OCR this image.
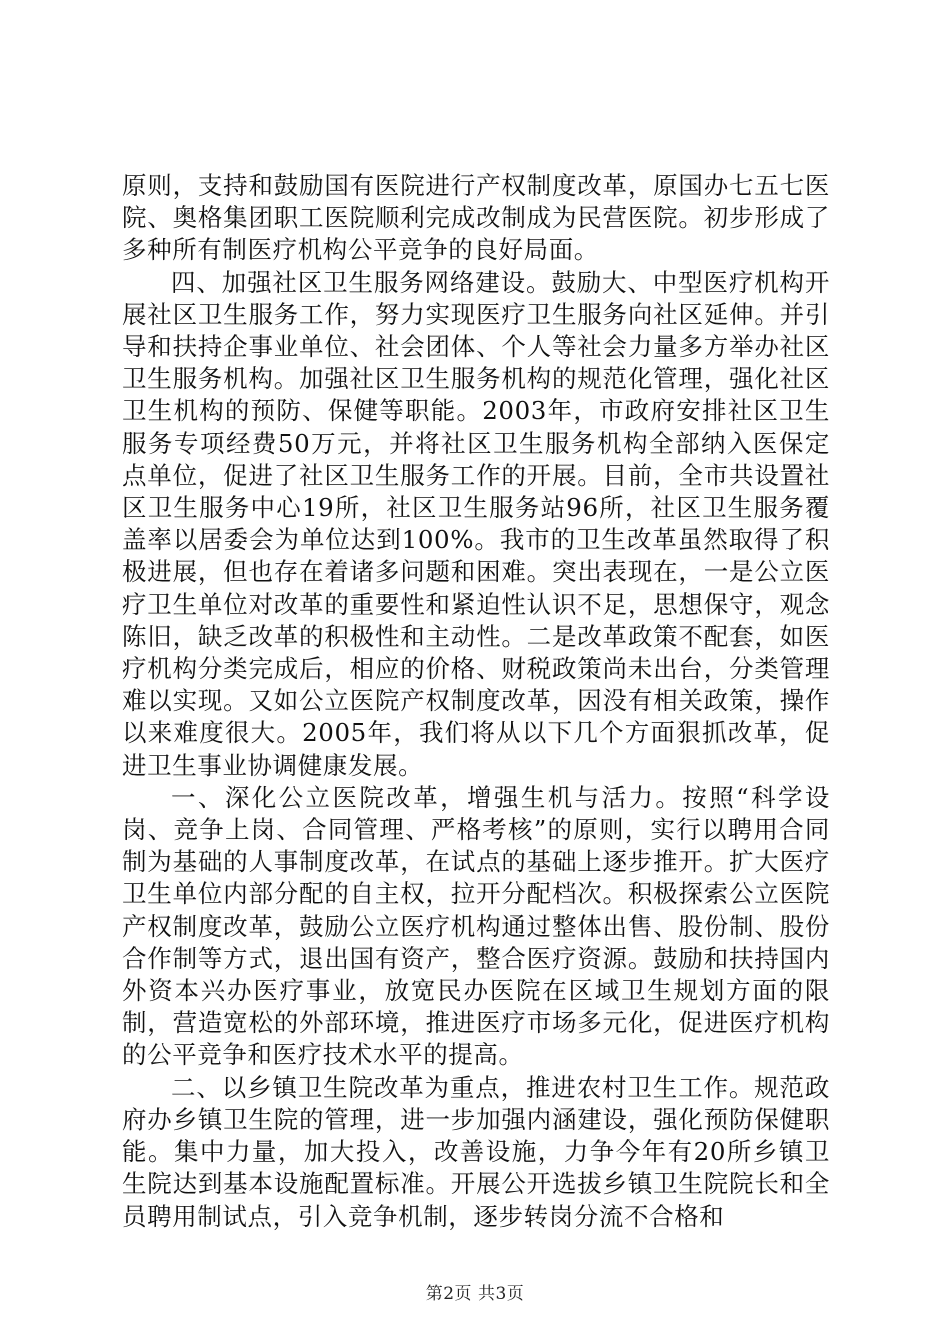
原则，支持和鼓励国有医院进行产权制度改革，原国办七五七医院、奥格集团职工医院顺利完成改制成为民营医院。初步形成了多种所有制医疗机构公平竞争的良好局面。

四、加强社区卫生服务网络建设。鼓励大、中型医疗机构开展社区卫生服务工作，努力实现医疗卫生服务向社区延伸。并引导和扶持企事业单位、社会团体、个人等社会力量多方举办社区卫生服务机构。加强社区卫生服务机构的规范化管理，强化社区卫生机构的预防、保健等职能。2003年，市政府安排社区卫生服务专项经费50万元，并将社区卫生服务机构全部纳入医保定点单位，促进了社区卫生服务工作的开展。目前，全市共设置社区卫生服务中心19所，社区卫生服务站96所，社区卫生服务覆盖率以居委会为单位达到100%。我市的卫生改革虽然取得了积极进展，但也存在着诸多问题和困难。突出表现在，一是公立医疗卫生单位对改革的重要性和紧迫性认识不足，思想保守，观念陈旧，缺乏改革的积极性和主动性。二是改革政策不配套，如医疗机构分类完成后，相应的价格、财税政策尚未出台，分类管理难以实现。又如公立医院产权制度改革，因没有相关政策，操作以来难度很大。2005年，我们将从以下几个方面狠抓改革，促进卫生事业协调健康发展。

一、深化公立医院改革，增强生机与活力。按照“科学设岗、竞争上岗、合同管理、严格考核”的原则，实行以聘用合同制为基础的人事制度改革，在试点的基础上逐步推开。扩大医疗卫生单位内部分配的自主权，拉开分配档次。积极探索公立医院产权制度改革，鼓励公立医疗机构通过整体出售、股份制、股份合作制等方式，退出国有资产，整合医疗资源。鼓励和扶持国内外资本兴办医疗事业，放宽民办医院在区域卫生规划方面的限制，营造宽松的外部环境，推进医疗市场多元化，促进医疗机构的公平竞争和医疗技术水平的提高。

二、以乡镇卫生院改革为重点，推进农村卫生工作。规范政府办乡镇卫生院的管理，进一步加强内涵建设，强化预防保健职能。集中力量，加大投入，改善设施，力争今年有20所乡镇卫生院达到基本设施配置标准。开展公开选拔乡镇卫生院院长和全员聘用制试点，引入竞争机制，逐步转岗分流不合格和

第2页 共3页
